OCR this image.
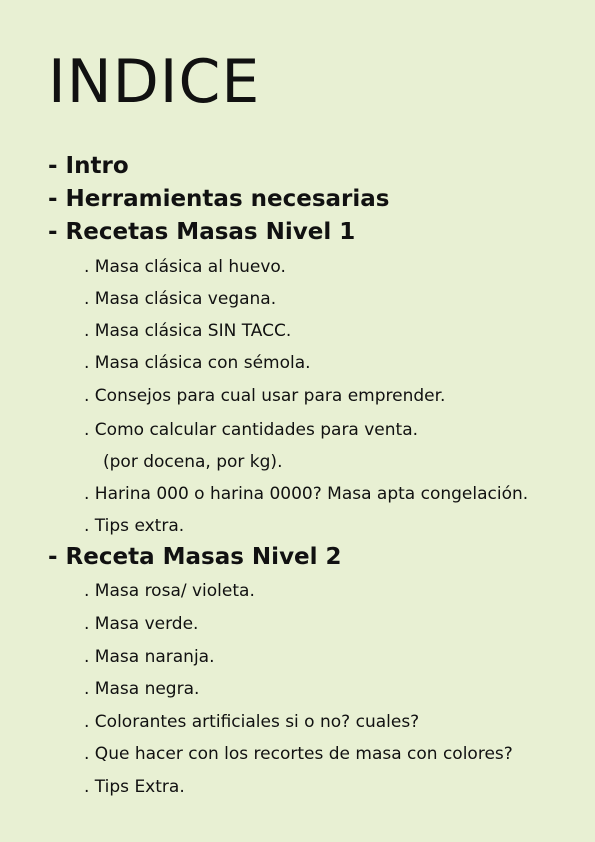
INDICE
- Intro
- Herramientas necesarias
- Recetas Masas Nivel 1
. Masa clásica al huevo.
. Masa clásica vegana.
. Masa clásica SIN TACC.
. Masa clásica con sémola.
. Consejos para cual usar para emprender.
. Como calcular cantidades para venta.
(por docena, por kg).
. Harina 000 o harina 0000? Masa apta congelación.
. Tips extra.
- Receta Masas Nivel 2
. Masa rosa/ violeta.
. Masa verde.
. Masa naranja.
. Masa negra.
. Colorantes artificiales si o no? cuales?
. Que hacer con los recortes de masa con colores?
. Tips Extra.
